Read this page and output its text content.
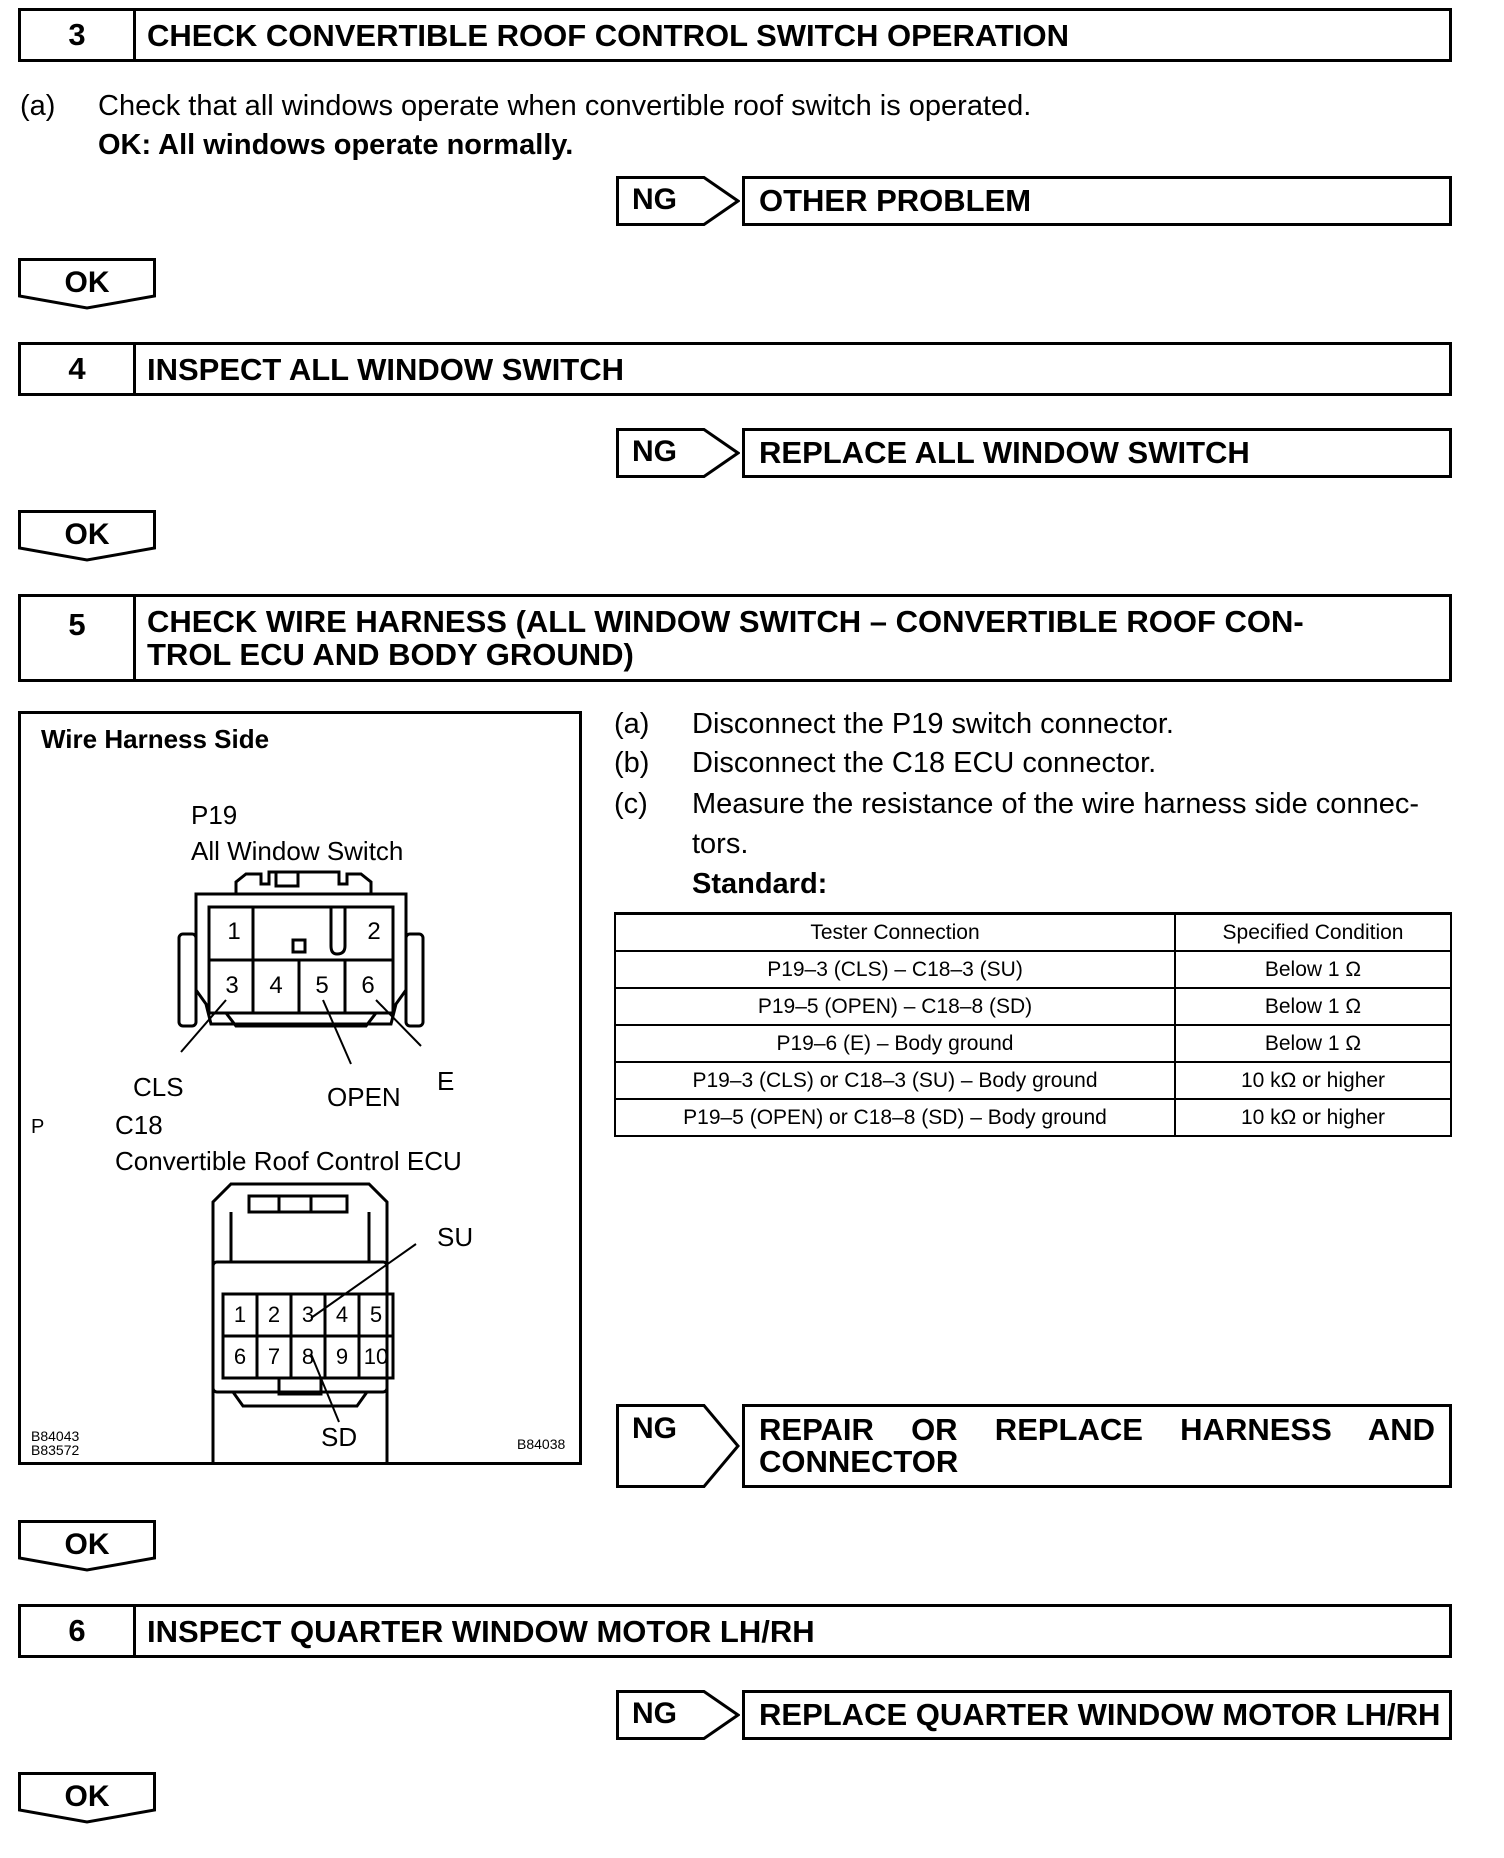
3	CHECK CONVERTIBLE ROOF CONTROL SWITCH OPERATION
(a) Check that all windows operate when convertible roof switch is operated.
OK: All windows operate normally.
NG	OTHER PROBLEM
OK
4	INSPECT ALL WINDOW SWITCH
NG	REPLACE ALL WINDOW SWITCH
OK
5	CHECK WIRE HARNESS (ALL WINDOW SWITCH – CONVERTIBLE ROOF CON-
TROL ECU AND BODY GROUND)
Wire Harness Side
P19
All Window Switch
1	2
3	4	5	6
CLS	OPEN
E
P	C18
Convertible Roof Control ECU
1 2 3 4 5
6 7 8 9 10
SU
SD
B84043
B83572	B84038
(a) Disconnect the P19 switch connector.
(b) Disconnect the C18 ECU connector.
(c) Measure the resistance of the wire harness side connec-
tors.
Standard:
Tester Connection	Specified Condition
P19–3 (CLS) – C18–3 (SU)	Below 1 Ω
P19–5 (OPEN) – C18–8 (SD)	Below 1 Ω
P19–6 (E) – Body ground	Below 1 Ω
P19–3 (CLS) or C18–3 (SU) – Body ground	10 kΩ or higher
P19–5 (OPEN) or C18–8 (SD) – Body ground	10 kΩ or higher
NG	REPAIR OR REPLACE HARNESS AND
CONNECTOR
OK
6	INSPECT QUARTER WINDOW MOTOR LH/RH
NG	REPLACE QUARTER WINDOW MOTOR LH/RH
OK
